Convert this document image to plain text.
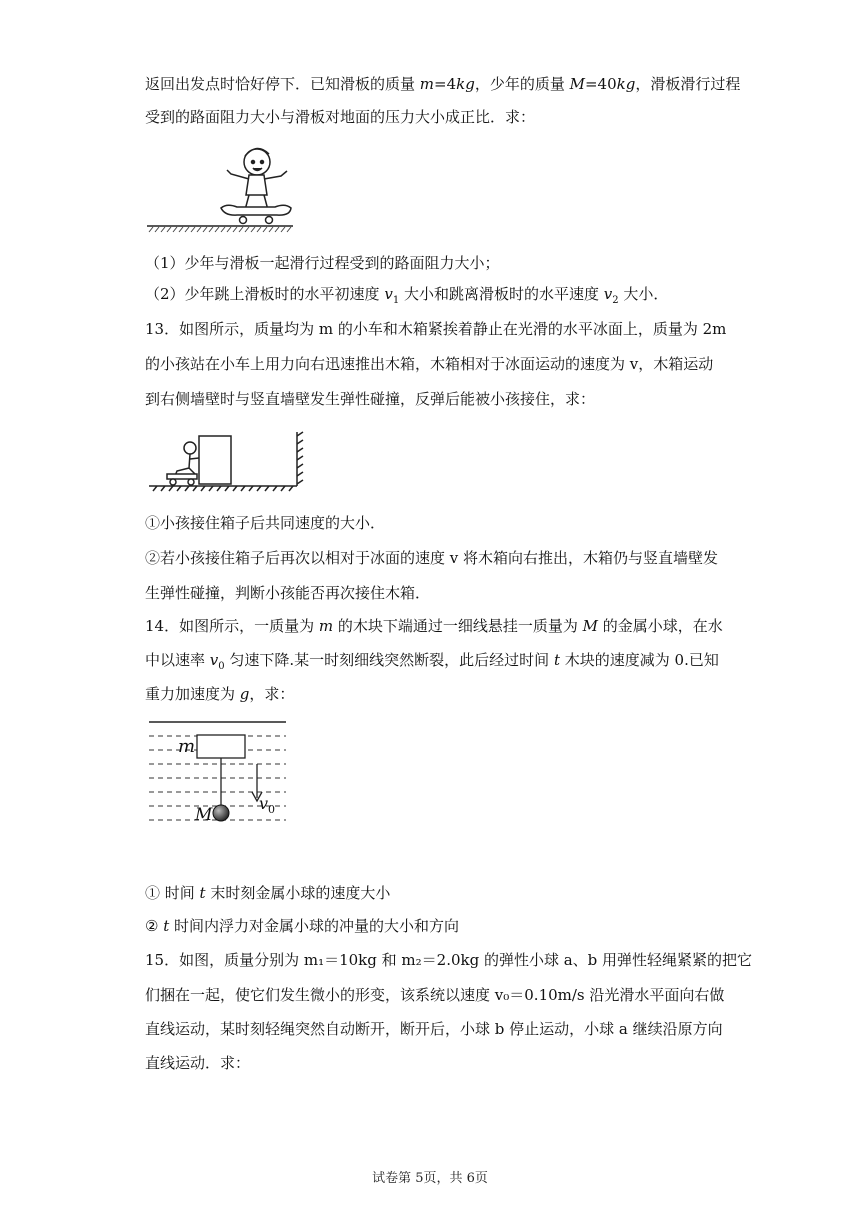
返回出发点时恰好停下．已知滑板的质量 m=4kg，少年的质量 M=40kg，滑板滑行过程
受到的路面阻力大小与滑板对地面的压力大小成正比．求：
（1）少年与滑板一起滑行过程受到的路面阻力大小；
（2）少年跳上滑板时的水平初速度 $v_1$ 大小和跳离滑板时的水平速度 $v_2$ 大小．
13．如图所示，质量均为 m 的小车和木箱紧挨着静止在光滑的水平冰面上，质量为 2m
的小孩站在小车上用力向右迅速推出木箱，木箱相对于冰面运动的速度为 v，木箱运动
到右侧墙壁时与竖直墙壁发生弹性碰撞，反弹后能被小孩接住，求：
①小孩接住箱子后共同速度的大小．
②若小孩接住箱子后再次以相对于冰面的速度 v 将木箱向右推出，木箱仍与竖直墙壁发
生弹性碰撞，判断小孩能否再次接住木箱．
14．如图所示，一质量为 m 的木块下端通过一细线悬挂一质量为 M 的金属小球，在水
中以速率 $v_0$ 匀速下降.某一时刻细线突然断裂，此后经过时间 t 木块的速度减为 0.已知
重力加速度为 g，求：
m
M
$v_0$
① 时间 t 末时刻金属小球的速度大小
② t 时间内浮力对金属小球的冲量的大小和方向
15．如图，质量分别为 m₁＝10kg 和 m₂＝2.0kg 的弹性小球 a、b 用弹性轻绳紧紧的把它
们捆在一起，使它们发生微小的形变，该系统以速度 v₀＝0.10m/s 沿光滑水平面向右做
直线运动，某时刻轻绳突然自动断开，断开后，小球 b 停止运动，小球 a 继续沿原方向
直线运动．求：
试卷第 5页，共 6页
